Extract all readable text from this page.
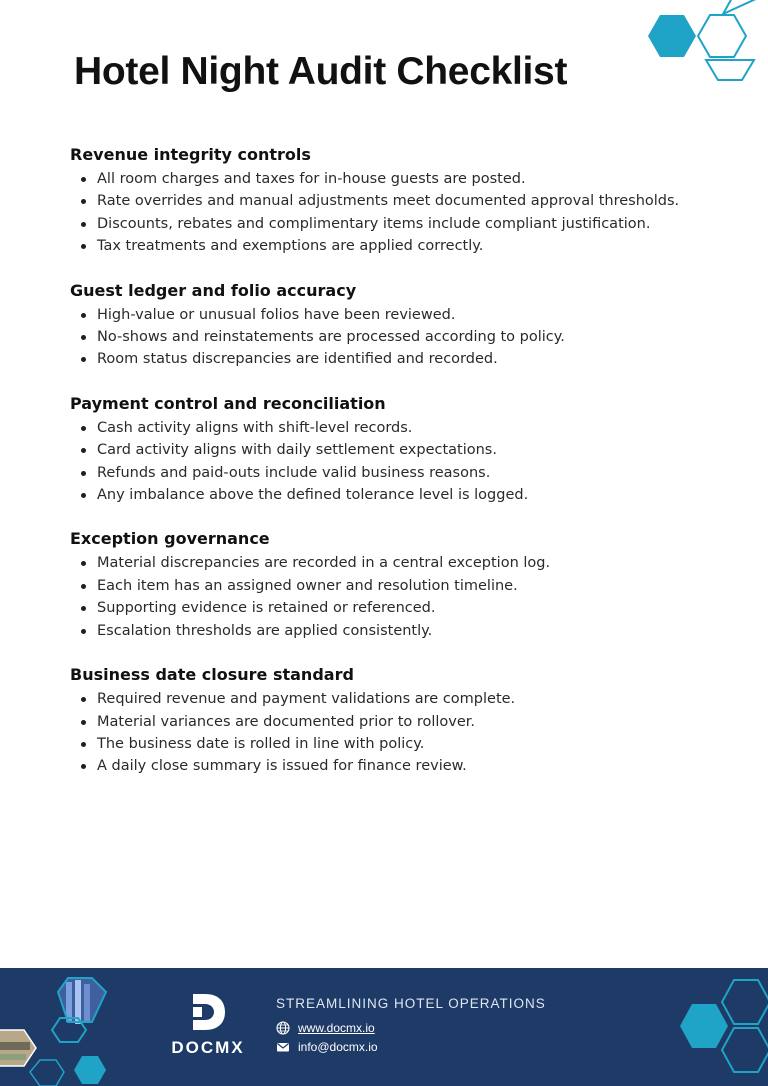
Hotel Night Audit Checklist
Revenue integrity controls
All room charges and taxes for in-house guests are posted.
Rate overrides and manual adjustments meet documented approval thresholds.
Discounts, rebates and complimentary items include compliant justification.
Tax treatments and exemptions are applied correctly.
Guest ledger and folio accuracy
High-value or unusual folios have been reviewed.
No-shows and reinstatements are processed according to policy.
Room status discrepancies are identified and recorded.
Payment control and reconciliation
Cash activity aligns with shift-level records.
Card activity aligns with daily settlement expectations.
Refunds and paid-outs include valid business reasons.
Any imbalance above the defined tolerance level is logged.
Exception governance
Material discrepancies are recorded in a central exception log.
Each item has an assigned owner and resolution timeline.
Supporting evidence is retained or referenced.
Escalation thresholds are applied consistently.
Business date closure standard
Required revenue and payment validations are complete.
Material variances are documented prior to rollover.
The business date is rolled in line with policy.
A daily close summary is issued for finance review.
DOCMX
STREAMLINING HOTEL OPERATIONS
www.docmx.io
info@docmx.io
